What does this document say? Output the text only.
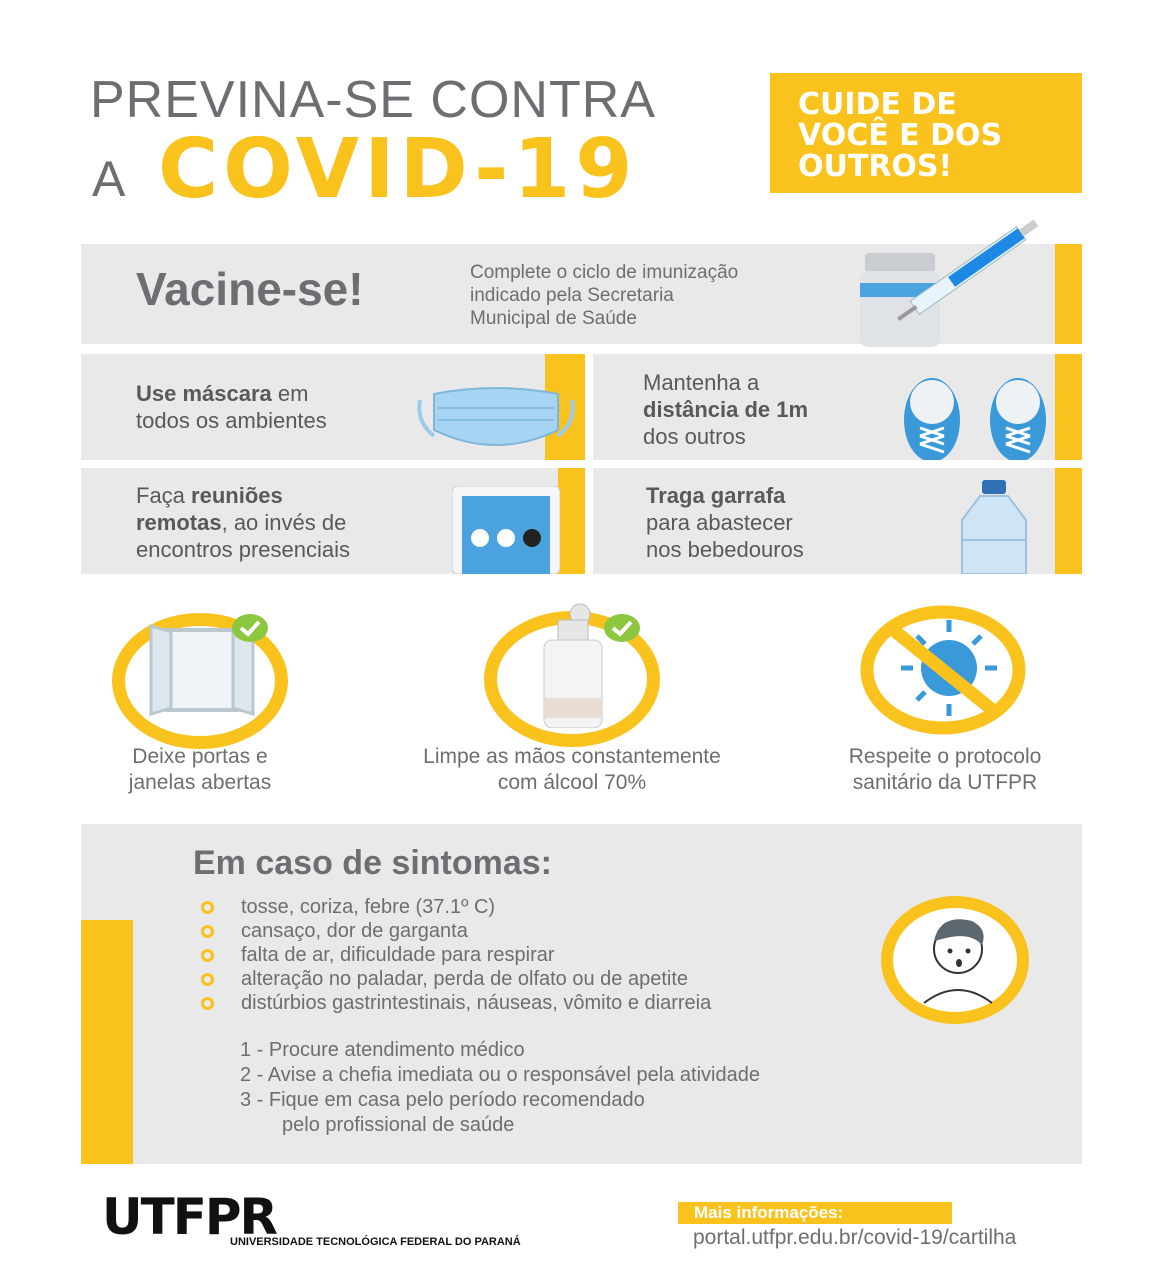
PREVINA-SE CONTRA
A COVID-19
CUIDE DE
VOCÊ E DOS
OUTROS!
Vacine-se!	Complete o ciclo de imunização
indicado pela Secretaria
Municipal de Saúde
Use máscara em
todos os ambientes
Mantenha a
distância de 1m
dos outros
Faça reuniões
remotas, ao invés de
encontros presenciais
Traga garrafa
para abastecer
nos bebedouros
Deixe portas e
janelas abertas
Limpe as mãos constantemente
com álcool 70%
Respeite o protocolo
sanitário da UTFPR
Em caso de sintomas:
tosse, coriza, febre (37.1º C)
cansaço, dor de garganta
falta de ar, dificuldade para respirar
alteração no paladar, perda de olfato ou de apetite
distúrbios gastrintestinais, náuseas, vômito e diarreia
1 - Procure atendimento médico
2 - Avise a chefia imediata ou o responsável pela atividade
3 - Fique em casa pelo período recomendado
pelo profissional de saúde
UTFPR
UNIVERSIDADE TECNOLÓGICA FEDERAL DO PARANÁ
Mais informações:
portal.utfpr.edu.br/covid-19/cartilha
